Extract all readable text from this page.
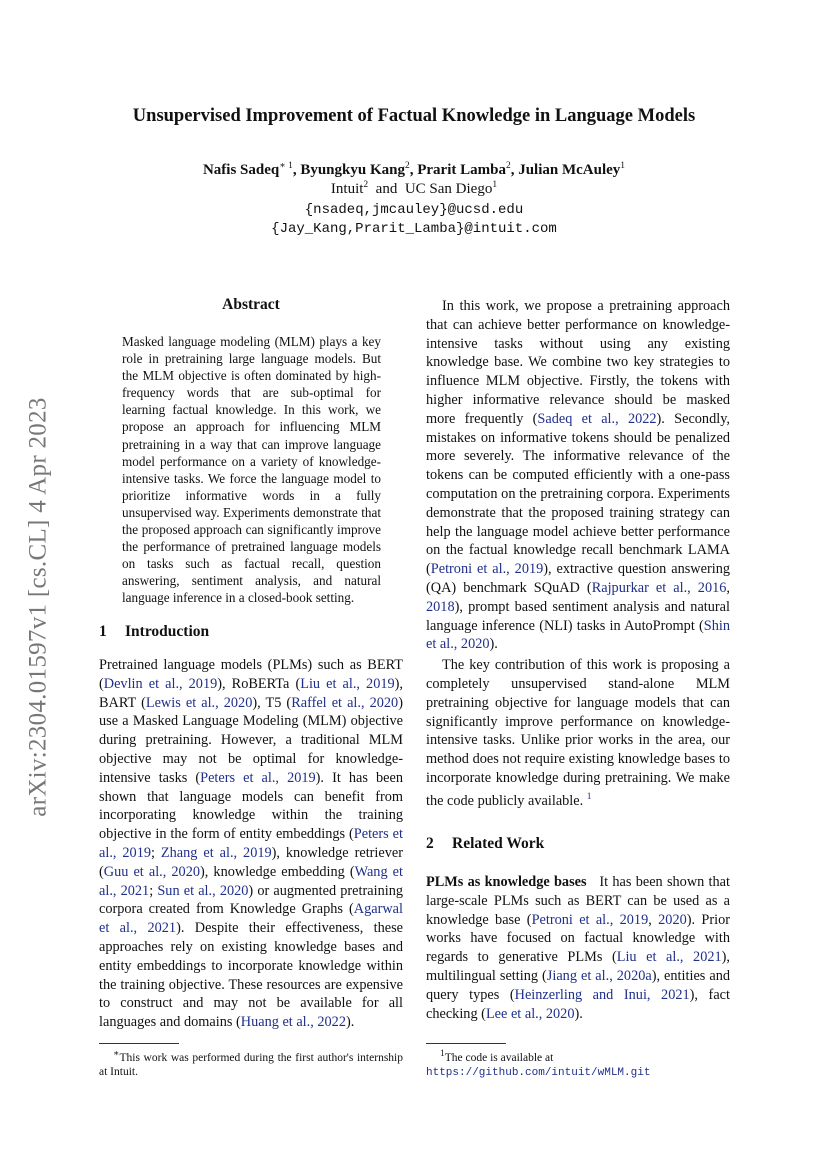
arXiv:2304.01597v1 [cs.CL] 4 Apr 2023
Unsupervised Improvement of Factual Knowledge in Language Models
Nafis Sadeq$^{∗ 1}$, Byungkyu Kang$^2$, Prarit Lamba$^2$, Julian McAuley$^1$
Intuit$^2$ and UC San Diego$^1$
{nsadeq,jmcauley}@ucsd.edu
{Jay_Kang,Prarit_Lamba}@intuit.com
Abstract

Masked language modeling (MLM) plays a key role in pretraining large language models. But the MLM objective is often dominated by high-frequency words that are sub-optimal for learning factual knowledge. In this work, we propose an approach for influencing MLM pretraining in a way that can improve language model performance on a variety of knowledge-intensive tasks. We force the language model to prioritize informative words in a fully unsupervised way. Experiments demonstrate that the proposed approach can significantly improve the performance of pretrained language models on tasks such as factual recall, question answering, sentiment analysis, and natural language inference in a closed-book setting.

1 Introduction

Pretrained language models (PLMs) such as BERT (Devlin et al., 2019), RoBERTa (Liu et al., 2019), BART (Lewis et al., 2020), T5 (Raffel et al., 2020) use a Masked Language Modeling (MLM) objective during pretraining. However, a traditional MLM objective may not be optimal for knowledge-intensive tasks (Peters et al., 2019). It has been shown that language models can benefit from incorporating knowledge within the training objective in the form of entity embeddings (Peters et al., 2019; Zhang et al., 2019), knowledge retriever (Guu et al., 2020), knowledge embedding (Wang et al., 2021; Sun et al., 2020) or augmented pretraining corpora created from Knowledge Graphs (Agarwal et al., 2021). Despite their effectiveness, these approaches rely on existing knowledge bases and entity embeddings to incorporate knowledge within the training objective. These resources are expensive to construct and may not be available for all languages and domains (Huang et al., 2022).

In this work, we propose a pretraining approach that can achieve better performance on knowledge-intensive tasks without using any existing knowledge base. We combine two key strategies to influence MLM objective. Firstly, the tokens with higher informative relevance should be masked more frequently (Sadeq et al., 2022). Secondly, mistakes on informative tokens should be penalized more severely. The informative relevance of the tokens can be computed efficiently with a one-pass computation on the pretraining corpora. Experiments demonstrate that the proposed training strategy can help the language model achieve better performance on the factual knowledge recall benchmark LAMA (Petroni et al., 2019), extractive question answering (QA) benchmark SQuAD (Rajpurkar et al., 2016, 2018), prompt based sentiment analysis and natural language inference (NLI) tasks in AutoPrompt (Shin et al., 2020).

The key contribution of this work is proposing a completely unsupervised stand-alone MLM pretraining objective for language models that can significantly improve performance on knowledge-intensive tasks. Unlike prior works in the area, our method does not require existing knowledge bases to incorporate knowledge during pretraining. We make the code publicly available. $^1$

2 Related Work

PLMs as knowledge bases It has been shown that large-scale PLMs such as BERT can be used as a knowledge base (Petroni et al., 2019, 2020). Prior works have focused on factual knowledge with regards to generative PLMs (Liu et al., 2021), multilingual setting (Jiang et al., 2020a), entities and query types (Heinzerling and Inui, 2021), fact checking (Lee et al., 2020).

∗This work was performed during the first author's internship at Intuit.
$^1$The code is available at https://github.com/intuit/wMLM.git
